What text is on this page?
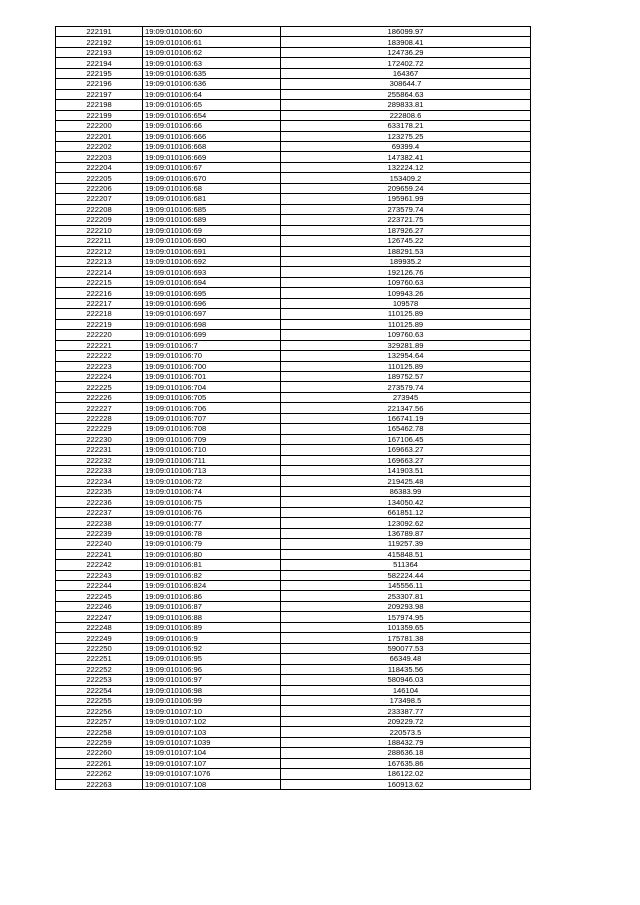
222191	19:09:010106:60	186099.97
222192	19:09:010106:61	183908.41
222193	19:09:010106:62	124736.29
222194	19:09:010106:63	172402.72
222195	19:09:010106:635	164367
222196	19:09:010106:636	308644.7
222197	19:09:010106:64	255864.63
222198	19:09:010106:65	289833.81
222199	19:09:010106:654	222808.6
222200	19:09:010106:66	633178.21
222201	19:09:010106:666	123275.25
222202	19:09:010106:668	69399.4
222203	19:09:010106:669	147382.41
222204	19:09:010106:67	132224.12
222205	19:09:010106:670	153409.2
222206	19:09:010106:68	209659.24
222207	19:09:010106:681	195961.99
222208	19:09:010106:685	273579.74
222209	19:09:010106:689	223721.75
222210	19:09:010106:69	187926.27
222211	19:09:010106:690	126745.22
222212	19:09:010106:691	188291.53
222213	19:09:010106:692	189935.2
222214	19:09:010106:693	192126.76
222215	19:09:010106:694	109760.63
222216	19:09:010106:695	109943.26
222217	19:09:010106:696	109578
222218	19:09:010106:697	110125.89
222219	19:09:010106:698	110125.89
222220	19:09:010106:699	109760.63
222221	19:09:010106:7	329281.89
222222	19:09:010106:70	132954.64
222223	19:09:010106:700	110125.89
222224	19:09:010106:701	189752.57
222225	19:09:010106:704	273579.74
222226	19:09:010106:705	273945
222227	19:09:010106:706	221347.56
222228	19:09:010106:707	166741.19
222229	19:09:010106:708	165462.78
222230	19:09:010106:709	167106.45
222231	19:09:010106:710	169663.27
222232	19:09:010106:711	169663.27
222233	19:09:010106:713	141903.51
222234	19:09:010106:72	219425.48
222235	19:09:010106:74	86383.99
222236	19:09:010106:75	134050.42
222237	19:09:010106:76	661851.12
222238	19:09:010106:77	123092.62
222239	19:09:010106:78	136789.87
222240	19:09:010106:79	119257.39
222241	19:09:010106:80	415848.51
222242	19:09:010106:81	511364
222243	19:09:010106:82	582224.44
222244	19:09:010106:824	145556.11
222245	19:09:010106:86	253307.81
222246	19:09:010106:87	209293.98
222247	19:09:010106:88	157974.95
222248	19:09:010106:89	101359.65
222249	19:09:010106:9	175781.38
222250	19:09:010106:92	590077.53
222251	19:09:010106:95	66349.48
222252	19:09:010106:96	118435.56
222253	19:09:010106:97	580946.03
222254	19:09:010106:98	146104
222255	19:09:010106:99	173498.5
222256	19:09:010107:10	233387.77
222257	19:09:010107:102	209229.72
222258	19:09:010107:103	220573.5
222259	19:09:010107:1039	188432.79
222260	19:09:010107:104	288636.18
222261	19:09:010107:107	167635.86
222262	19:09:010107:1076	186122.02
222263	19:09:010107:108	160913.62
